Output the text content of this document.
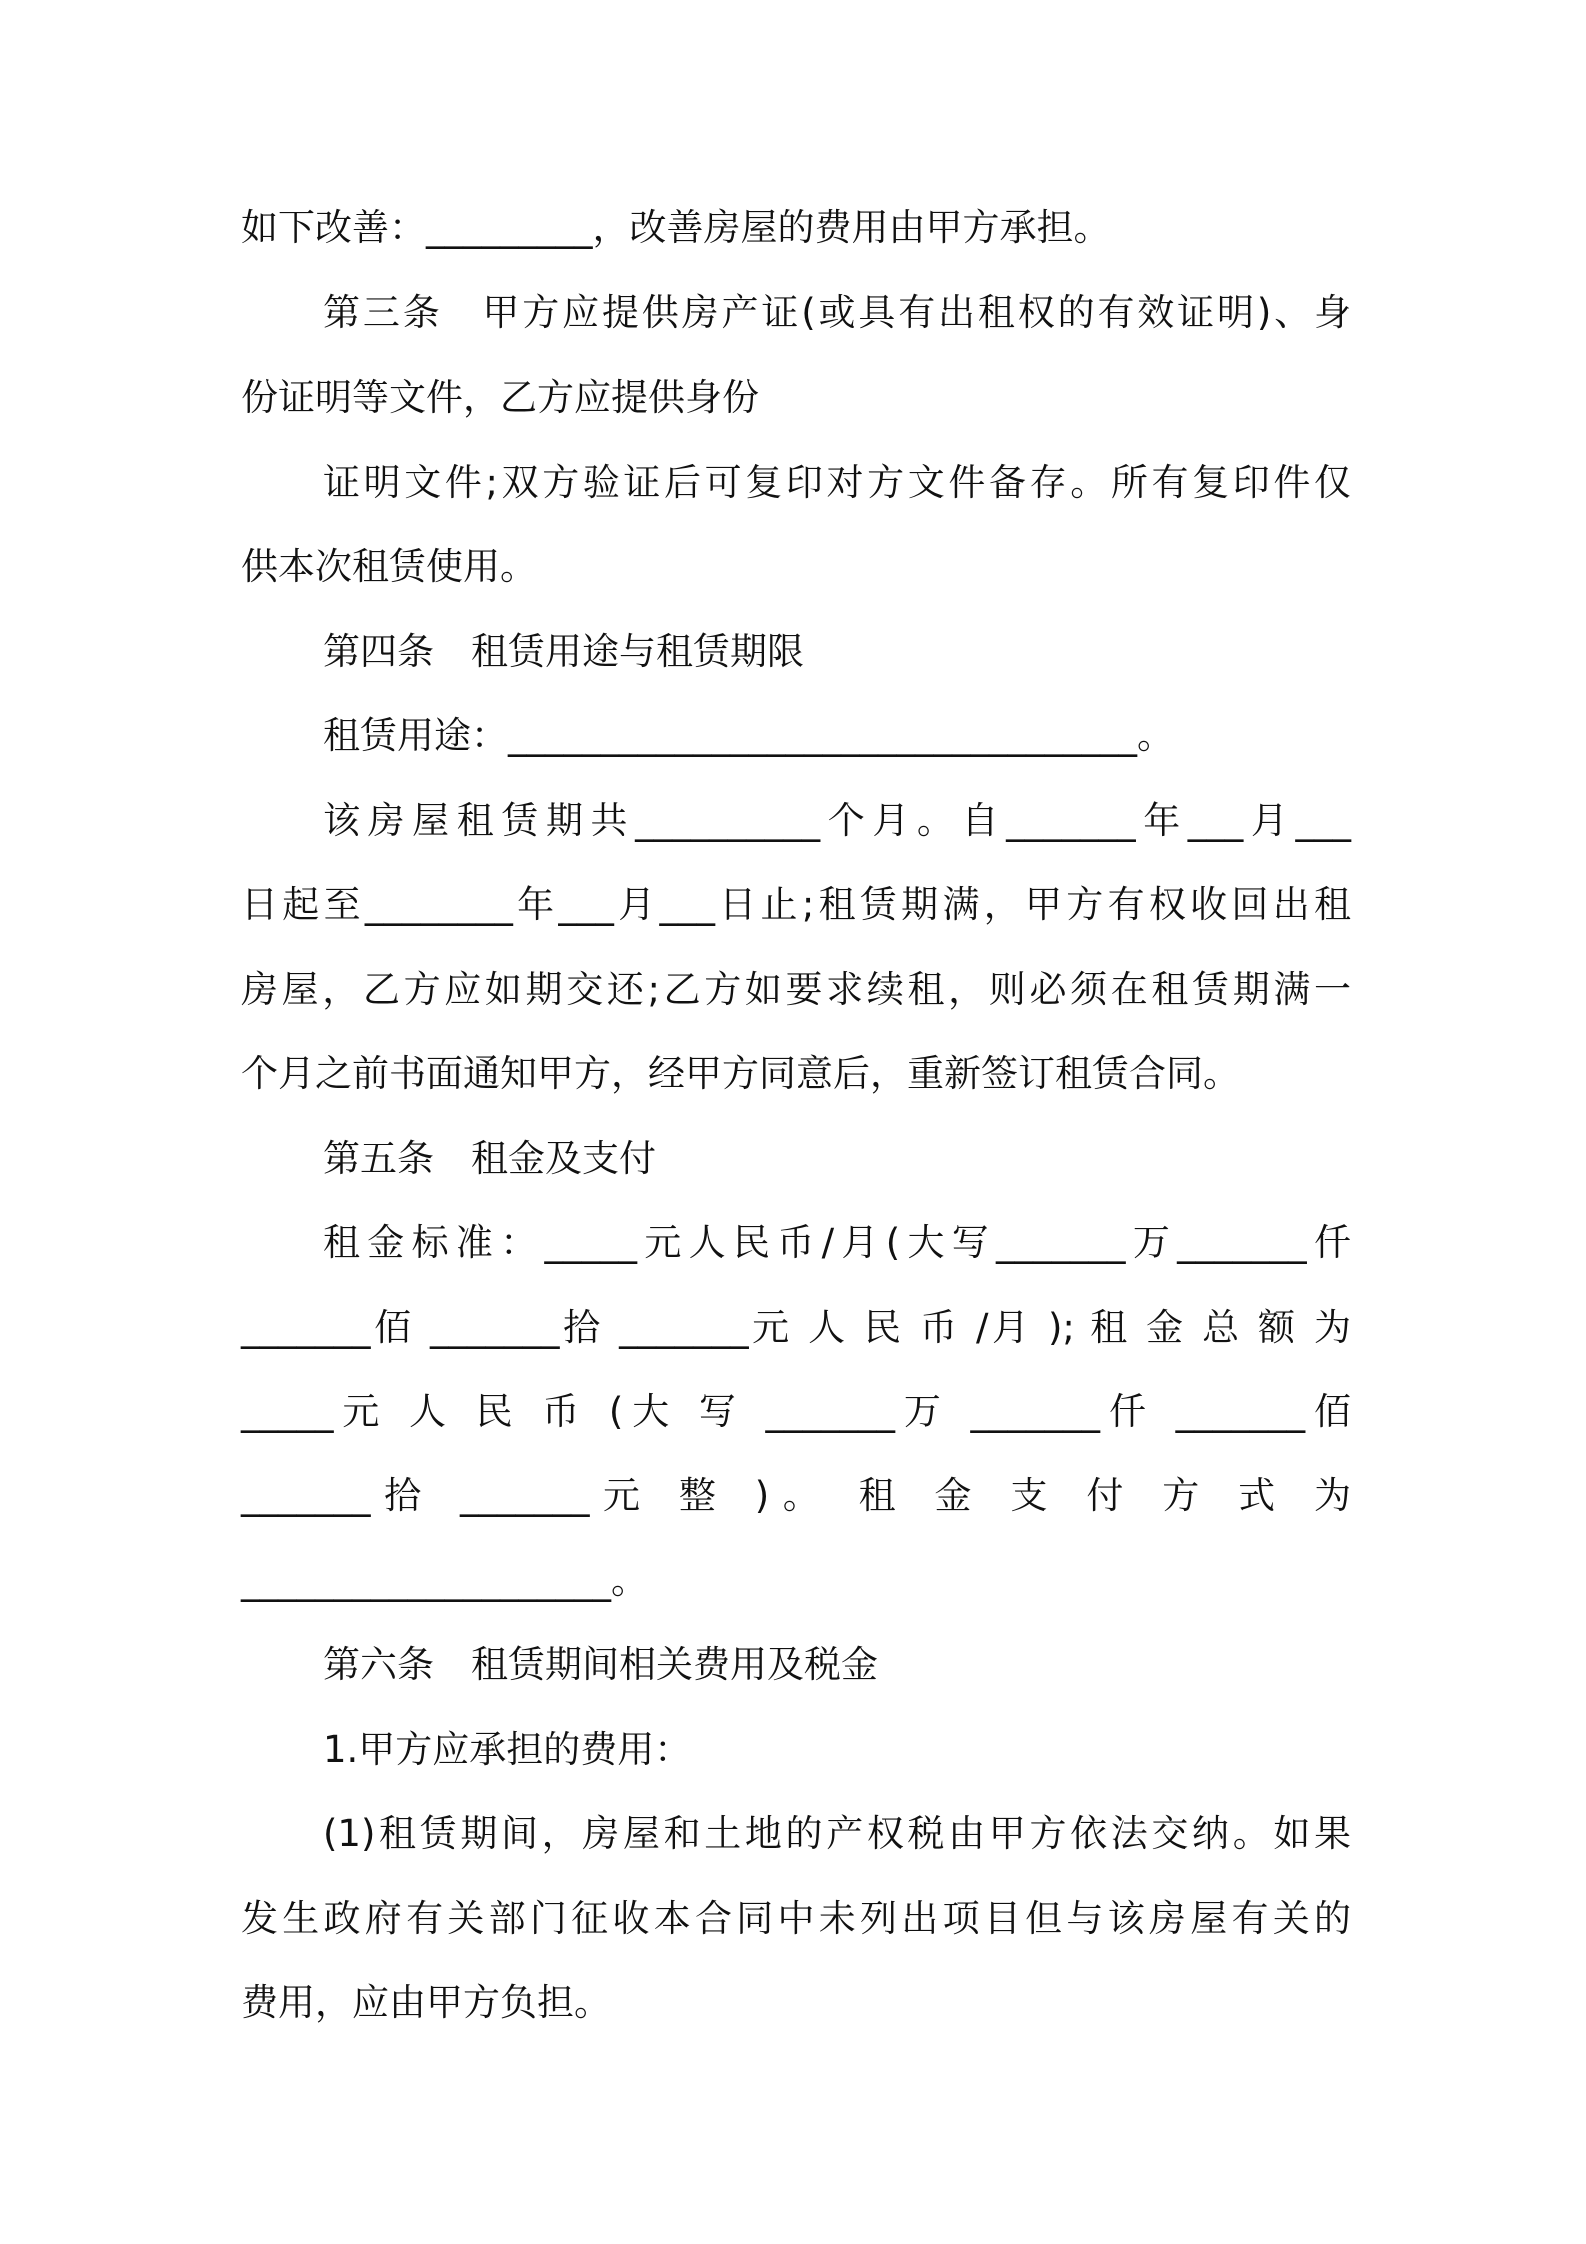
如下改善：_________，改善房屋的费用由甲方承担。
第三条　甲方应提供房产证(或具有出租权的有效证明)、身
份证明等文件，乙方应提供身份
证明文件;双方验证后可复印对方文件备存。所有复印件仅
供本次租赁使用。
第四条　租赁用途与租赁期限
租赁用途：__________________________________。
该房屋租赁期共__________个月。自_______年___月___
日起至________年___月___日止;租赁期满，甲方有权收回出租
房屋，乙方应如期交还;乙方如要求续租，则必须在租赁期满一
个月之前书面通知甲方，经甲方同意后，重新签订租赁合同。
第五条　租金及支付
租金标准：_____元人民币/月(大写_______万_______仟
_______佰 _______拾 _______元 人 民 币 /月 ); 租 金 总 额 为
_____元 人 民 币 (大 写 _______万 _______仟 _______佰
_______拾 _______元 整 )。 租 金 支 付 方 式 为
____________________。
第六条　租赁期间相关费用及税金
1.甲方应承担的费用：
(1)租赁期间，房屋和土地的产权税由甲方依法交纳。如果
发生政府有关部门征收本合同中未列出项目但与该房屋有关的
费用，应由甲方负担。
